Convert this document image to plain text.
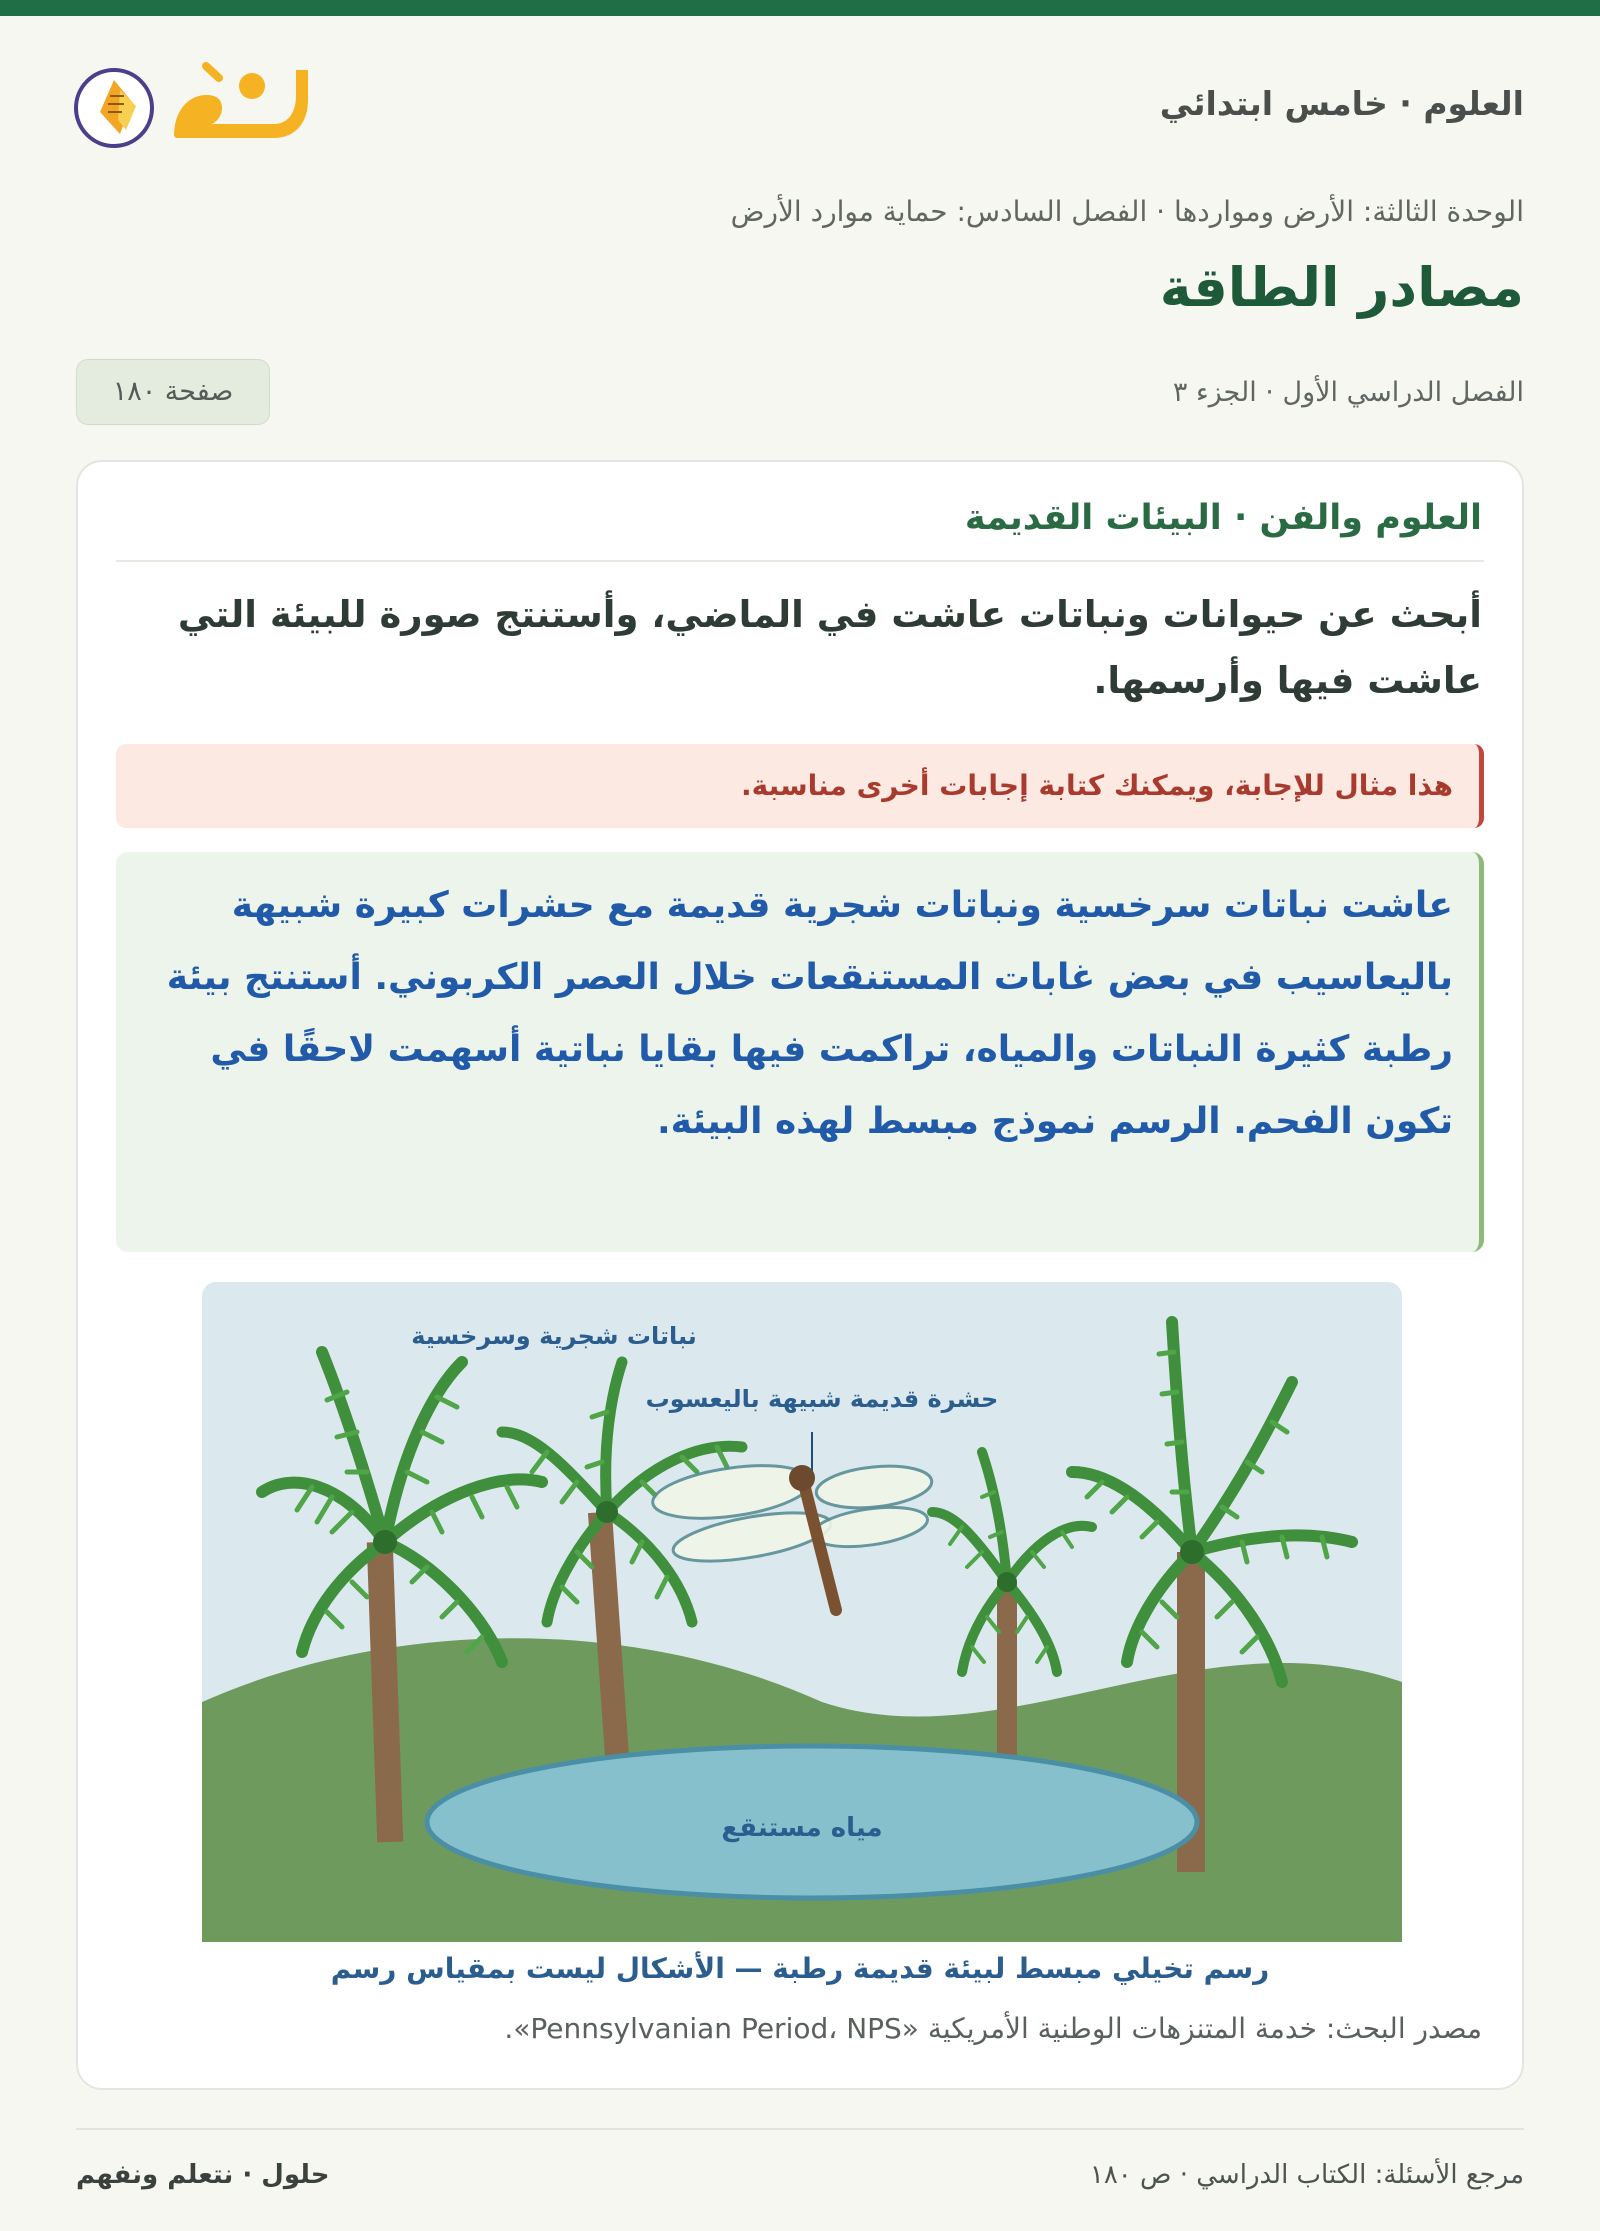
العلوم · خامس ابتدائي
الوحدة الثالثة: الأرض ومواردها · الفصل السادس: حماية موارد الأرض
مصادر الطاقة
الفصل الدراسي الأول · الجزء ٣
صفحة ١٨٠
العلوم والفن · البيئات القديمة
أبحث عن حيوانات ونباتات عاشت في الماضي، وأستنتج صورة للبيئة التي عاشت فيها وأرسمها.
هذا مثال للإجابة، ويمكنك كتابة إجابات أخرى مناسبة.
عاشت نباتات سرخسية ونباتات شجرية قديمة مع حشرات كبيرة شبيهة باليعاسيب في بعض غابات المستنقعات خلال العصر الكربوني. أستنتج بيئة رطبة كثيرة النباتات والمياه، تراكمت فيها بقايا نباتية أسهمت لاحقًا في تكون الفحم. الرسم نموذج مبسط لهذه البيئة.
نباتات شجرية وسرخسية
حشرة قديمة شبيهة باليعسوب
مياه مستنقع
رسم تخيلي مبسط لبيئة قديمة رطبة — الأشكال ليست بمقياس رسم
مصدر البحث: خدمة المتنزهات الوطنية الأمريكية «Pennsylvanian Period، NPS».
مرجع الأسئلة: الكتاب الدراسي · ص ١٨٠
حلول · نتعلم ونفهم
